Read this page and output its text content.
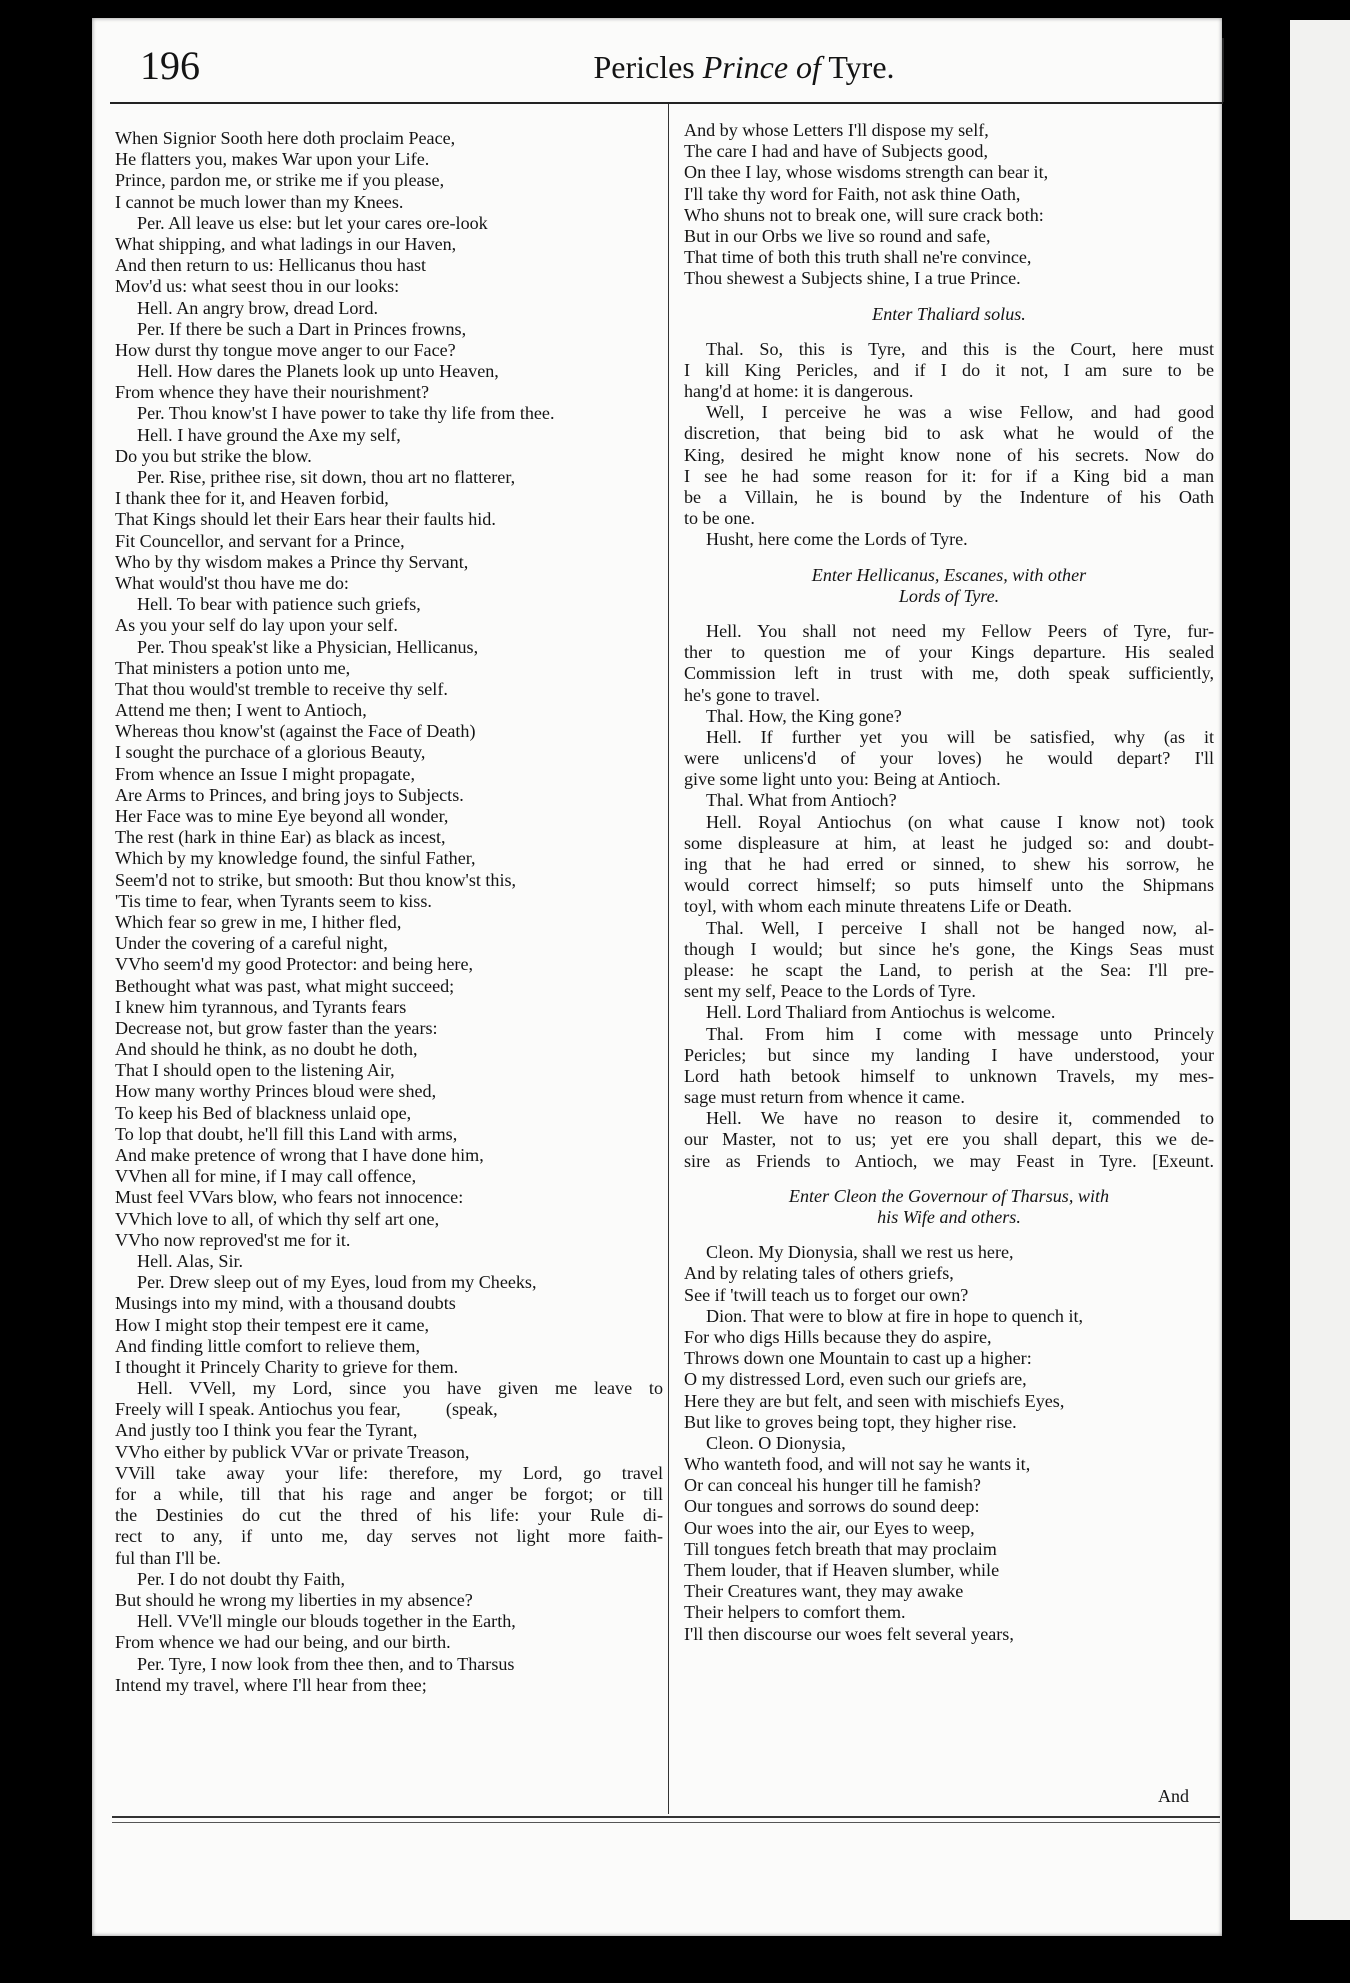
196	Pericles Prince of Tyre.
When Signior Sooth here doth proclaim Peace,
He flatters you, makes War upon your Life.
Prince, pardon me, or strike me if you please,
I cannot be much lower than my Knees.
Per. All leave us else: but let your cares ore-look
What shipping, and what ladings in our Haven,
And then return to us: Hellicanus thou hast
Mov'd us: what seest thou in our looks:
Hell. An angry brow, dread Lord.
Per. If there be such a Dart in Princes frowns,
How durst thy tongue move anger to our Face?
Hell. How dares the Planets look up unto Heaven,
From whence they have their nourishment?
Per. Thou know'st I have power to take thy life from thee.
Hell. I have ground the Axe my self,
Do you but strike the blow.
Per. Rise, prithee rise, sit down, thou art no flatterer,
I thank thee for it, and Heaven forbid,
That Kings should let their Ears hear their faults hid.
Fit Councellor, and servant for a Prince,
Who by thy wisdom makes a Prince thy Servant,
What would'st thou have me do:
Hell. To bear with patience such griefs,
As you your self do lay upon your self.
Per. Thou speak'st like a Physician, Hellicanus,
That ministers a potion unto me,
That thou would'st tremble to receive thy self.
Attend me then; I went to Antioch,
Whereas thou know'st (against the Face of Death)
I sought the purchace of a glorious Beauty,
From whence an Issue I might propagate,
Are Arms to Princes, and bring joys to Subjects.
Her Face was to mine Eye beyond all wonder,
The rest (hark in thine Ear) as black as incest,
Which by my knowledge found, the sinful Father,
Seem'd not to strike, but smooth: But thou know'st this,
'Tis time to fear, when Tyrants seem to kiss.
Which fear so grew in me, I hither fled,
Under the covering of a careful night,
VVho seem'd my good Protector: and being here,
Bethought what was past, what might succeed;
I knew him tyrannous, and Tyrants fears
Decrease not, but grow faster than the years:
And should he think, as no doubt he doth,
That I should open to the listening Air,
How many worthy Princes bloud were shed,
To keep his Bed of blackness unlaid ope,
To lop that doubt, he'll fill this Land with arms,
And make pretence of wrong that I have done him,
VVhen all for mine, if I may call offence,
Must feel VVars blow, who fears not innocence:
VVhich love to all, of which thy self art one,
VVho now reproved'st me for it.
Hell. Alas, Sir.
Per. Drew sleep out of my Eyes, loud from my Cheeks,
Musings into my mind, with a thousand doubts
How I might stop their tempest ere it came,
And finding little comfort to relieve them,
I thought it Princely Charity to grieve for them.
Hell. VVell, my Lord, since you have given me leave to
Freely will I speak. Antiochus you fear,          (speak,
And justly too I think you fear the Tyrant,
VVho either by publick VVar or private Treason,
VVill take away your life: therefore, my Lord, go travel
for a while, till that his rage and anger be forgot; or till
the Destinies do cut the thred of his life: your Rule di-
rect to any, if unto me, day serves not light more faith-
ful than I'll be.
Per. I do not doubt thy Faith,
But should he wrong my liberties in my absence?
Hell. VVe'll mingle our blouds together in the Earth,
From whence we had our being, and our birth.
Per. Tyre, I now look from thee then, and to Tharsus
Intend my travel, where I'll hear from thee;
And by whose Letters I'll dispose my self,
The care I had and have of Subjects good,
On thee I lay, whose wisdoms strength can bear it,
I'll take thy word for Faith, not ask thine Oath,
Who shuns not to break one, will sure crack both:
But in our Orbs we live so round and safe,
That time of both this truth shall ne're convince,
Thou shewest a Subjects shine, I a true Prince.
Enter Thaliard solus.
Thal. So, this is Tyre, and this is the Court, here must
I kill King Pericles, and if I do it not, I am sure to be
hang'd at home: it is dangerous.
Well, I perceive he was a wise Fellow, and had good
discretion, that being bid to ask what he would of the
King, desired he might know none of his secrets. Now do
I see he had some reason for it: for if a King bid a man
be a Villain, he is bound by the Indenture of his Oath
to be one.
Husht, here come the Lords of Tyre.
Enter Hellicanus, Escanes, with other
Lords of Tyre.
Hell. You shall not need my Fellow Peers of Tyre, fur-
ther to question me of your Kings departure. His sealed
Commission left in trust with me, doth speak sufficiently,
he's gone to travel.
Thal. How, the King gone?
Hell. If further yet you will be satisfied, why (as it
were unlicens'd of your loves) he would depart? I'll
give some light unto you: Being at Antioch.
Thal. What from Antioch?
Hell. Royal Antiochus (on what cause I know not) took
some displeasure at him, at least he judged so: and doubt-
ing that he had erred or sinned, to shew his sorrow, he
would correct himself; so puts himself unto the Shipmans
toyl, with whom each minute threatens Life or Death.
Thal. Well, I perceive I shall not be hanged now, al-
though I would; but since he's gone, the Kings Seas must
please: he scapt the Land, to perish at the Sea: I'll pre-
sent my self, Peace to the Lords of Tyre.
Hell. Lord Thaliard from Antiochus is welcome.
Thal. From him I come with message unto Princely
Pericles; but since my landing I have understood, your
Lord hath betook himself to unknown Travels, my mes-
sage must return from whence it came.
Hell. We have no reason to desire it, commended to
our Master, not to us; yet ere you shall depart, this we de-
sire as Friends to Antioch, we may Feast in Tyre. [Exeunt.
Enter Cleon the Governour of Tharsus, with
his Wife and others.
Cleon. My Dionysia, shall we rest us here,
And by relating tales of others griefs,
See if 'twill teach us to forget our own?
Dion. That were to blow at fire in hope to quench it,
For who digs Hills because they do aspire,
Throws down one Mountain to cast up a higher:
O my distressed Lord, even such our griefs are,
Here they are but felt, and seen with mischiefs Eyes,
But like to groves being topt, they higher rise.
Cleon. O Dionysia,
Who wanteth food, and will not say he wants it,
Or can conceal his hunger till he famish?
Our tongues and sorrows do sound deep:
Our woes into the air, our Eyes to weep,
Till tongues fetch breath that may proclaim
Them louder, that if Heaven slumber, while
Their Creatures want, they may awake
Their helpers to comfort them.
I'll then discourse our woes felt several years,
And
